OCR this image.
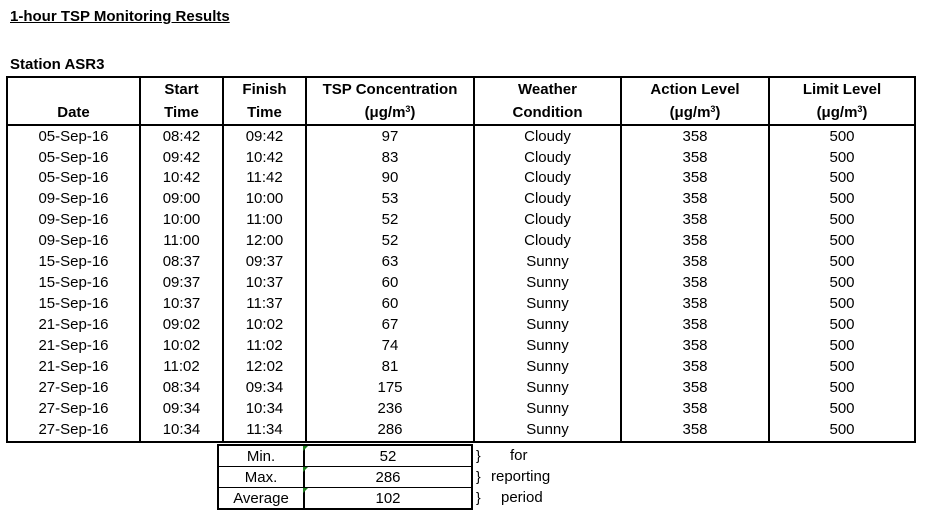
1-hour TSP Monitoring Results
Station ASR3
	Start	Finish	TSP Concentration	Weather	Action Level	Limit Level
Date	Time	Time	$(\mu g/m^3)$	Condition	$(\mu g/m^3)$	$(\mu g/m^3)$
05-Sep-16	08:42	09:42	97	Cloudy	358	500
05-Sep-16	09:42	10:42	83	Cloudy	358	500
05-Sep-16	10:42	11:42	90	Cloudy	358	500
09-Sep-16	09:00	10:00	53	Cloudy	358	500
09-Sep-16	10:00	11:00	52	Cloudy	358	500
09-Sep-16	11:00	12:00	52	Cloudy	358	500
15-Sep-16	08:37	09:37	63	Sunny	358	500
15-Sep-16	09:37	10:37	60	Sunny	358	500
15-Sep-16	10:37	11:37	60	Sunny	358	500
21-Sep-16	09:02	10:02	67	Sunny	358	500
21-Sep-16	10:02	11:02	74	Sunny	358	500
21-Sep-16	11:02	12:02	81	Sunny	358	500
27-Sep-16	08:34	09:34	175	Sunny	358	500
27-Sep-16	09:34	10:34	236	Sunny	358	500
27-Sep-16	10:34	11:34	286	Sunny	358	500
Min.	52
Max.	286
Average	102
}
}
}
for
reporting
period
